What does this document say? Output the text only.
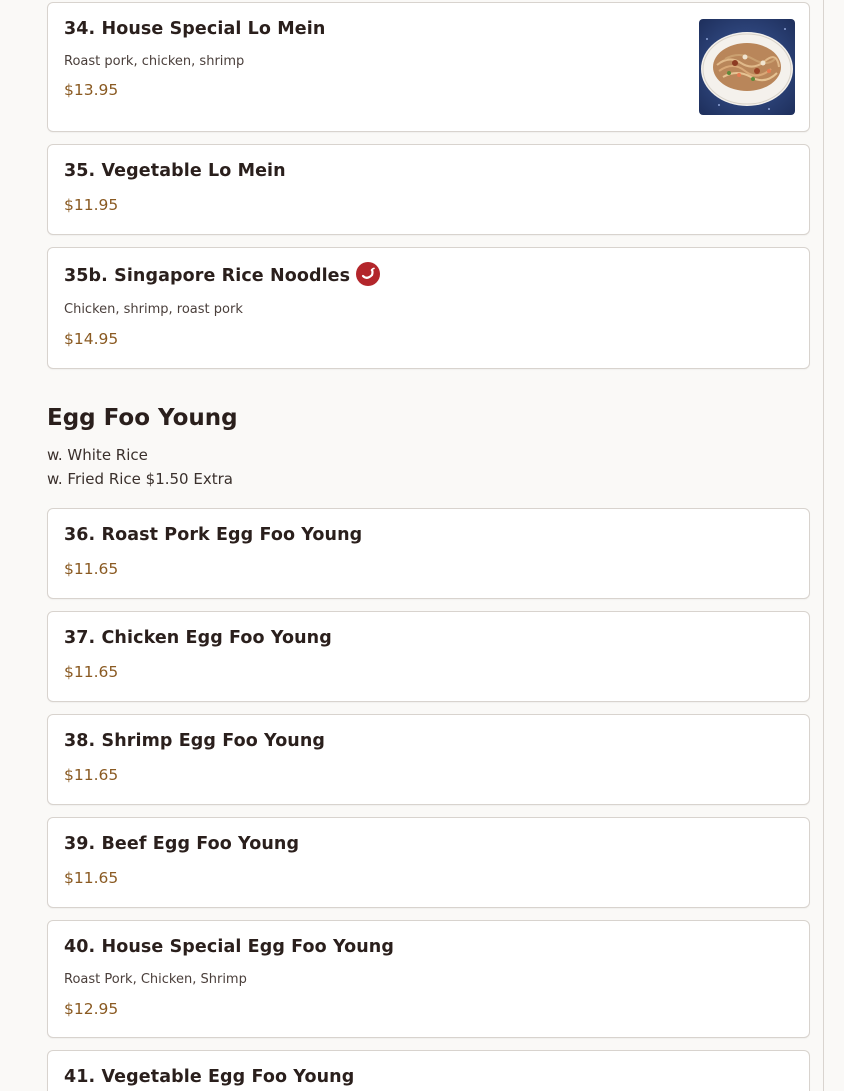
34. House Special Lo Mein
Roast pork, chicken, shrimp
$13.95
35. Vegetable Lo Mein
$11.95
35b. Singapore Rice Noodles
Chicken, shrimp, roast pork
$14.95
Egg Foo Young
w. White Rice
w. Fried Rice $1.50 Extra
36. Roast Pork Egg Foo Young
$11.65
37. Chicken Egg Foo Young
$11.65
38. Shrimp Egg Foo Young
$11.65
39. Beef Egg Foo Young
$11.65
40. House Special Egg Foo Young
Roast Pork, Chicken, Shrimp
$12.95
41. Vegetable Egg Foo Young
